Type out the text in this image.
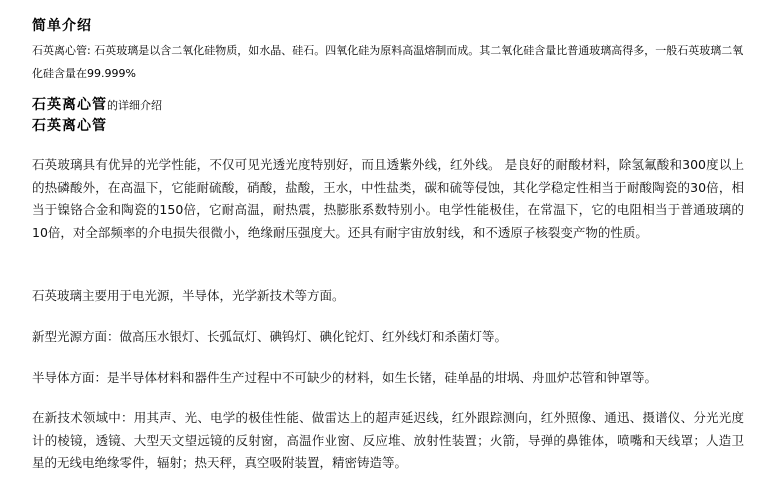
简单介绍
石英离心管: 石英玻璃是以含二氧化硅物质，如水晶、硅石。四氧化硅为原料高温熔制而成。其二氧化硅含量比普通玻璃高得多，一般石英玻璃二氧化硅含量在99.999%
石英离心管的详细介绍
石英离心管
石英玻璃具有优异的光学性能，不仅可见光透光度特别好，而且透紫外线，红外线。 是良好的耐酸材料，除氢氟酸和300度以上的热磷酸外，在高温下，它能耐硫酸，硝酸，盐酸，王水，中性盐类，碳和硫等侵蚀，其化学稳定性相当于耐酸陶瓷的30倍，相当于镍铬合金和陶瓷的150倍，它耐高温，耐热震，热膨胀系数特别小。电学性能极佳，在常温下，它的电阻相当于普通玻璃的10倍，对全部频率的介电损失很微小，绝缘耐压强度大。还具有耐宇宙放射线，和不透原子核裂变产物的性质。
石英玻璃主要用于电光源，半导体，光学新技术等方面。
新型光源方面：做高压水银灯、长弧氙灯、碘钨灯、碘化铊灯、红外线灯和杀菌灯等。
半导体方面：是半导体材料和器件生产过程中不可缺少的材料，如生长锗，硅单晶的坩埚、舟皿炉芯管和钟罩等。
在新技术领域中：用其声、光、电学的极佳性能、做雷达上的超声延迟线，红外跟踪测向，红外照像、通迅、摄谱仪、分光光度计的棱镜，透镜、大型天文望远镜的反射窗，高温作业窗、反应堆、放射性装置；火箭，导弹的鼻锥体，喷嘴和天线罩；人造卫星的无线电绝缘零件，辐射；热天秤，真空吸附装置，精密铸造等。
